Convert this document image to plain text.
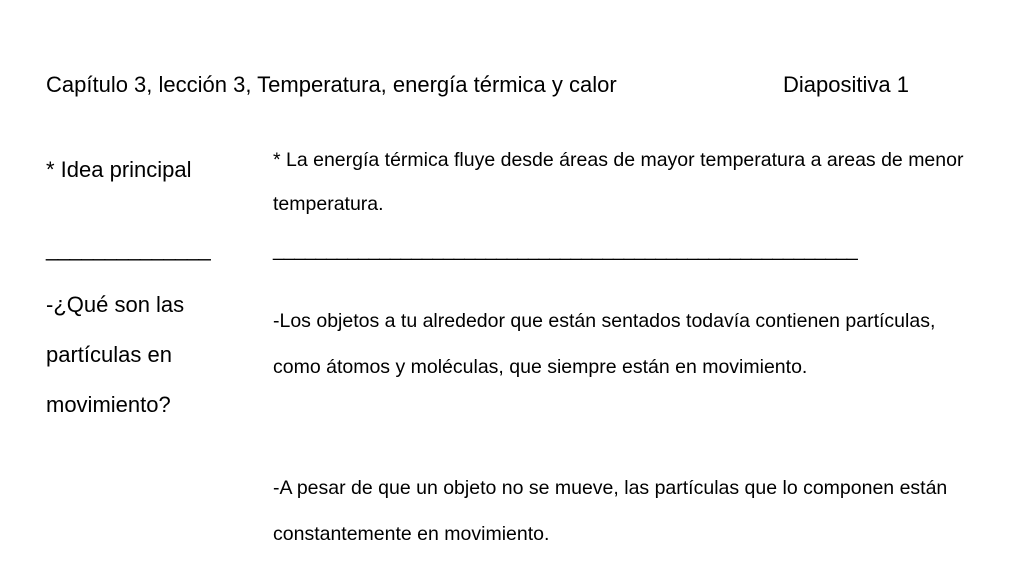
Capítulo 3, lección 3, Temperatura, energía térmica y calor	Diapositiva 1
* Idea principal	* La energía térmica fluye desde áreas de mayor temperatura a areas de menor temperatura.
______________	_______________________________________________________
-¿Qué son las partículas en movimiento?
-Los objetos a tu alrededor que están sentados todavía contienen partículas, como átomos y moléculas, que siempre están en movimiento.
-A pesar de que un objeto no se mueve, las partículas que lo componen están constantemente en movimiento.
